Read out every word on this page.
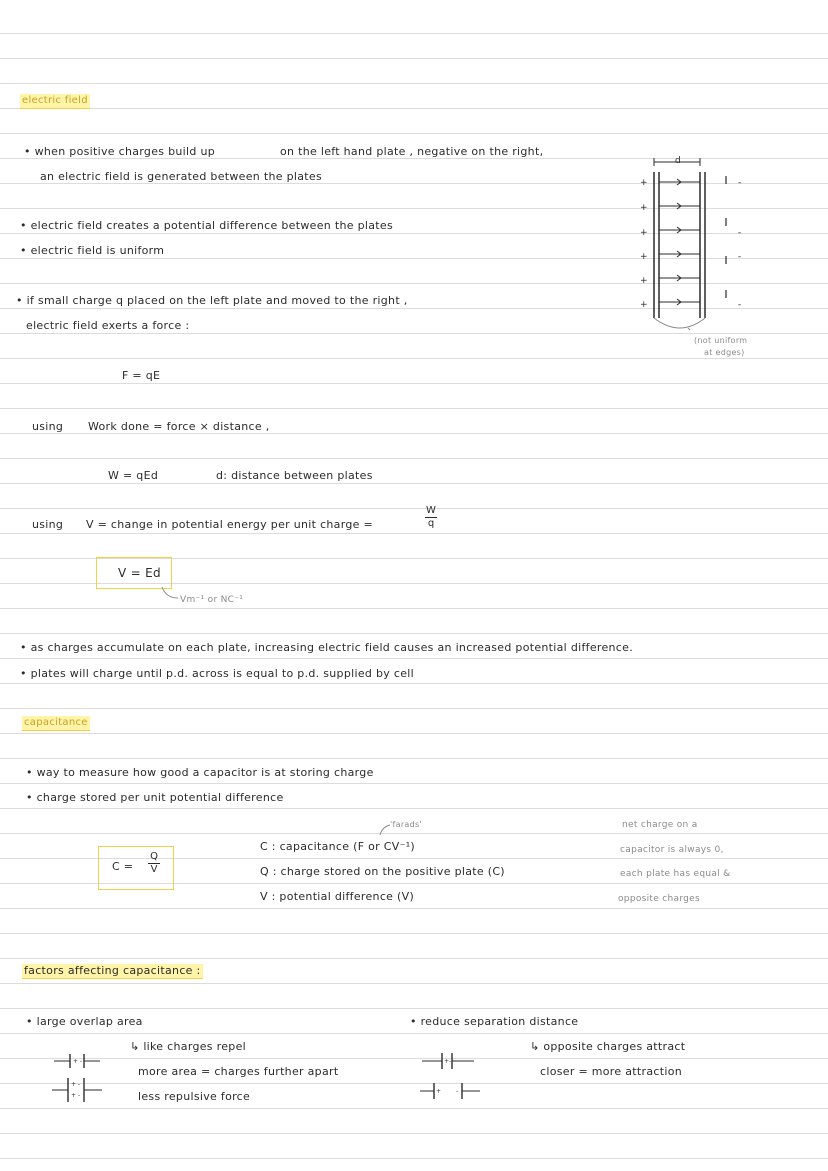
electric field
• when positive charges build up	on the left hand plate , negative on the right,
an electric field is generated between the plates
• electric field creates a potential difference between the plates
• electric field is uniform
• if small charge q placed on the left plate and moved to the right ,
electric field exerts a force :
F = qE
using Work done = force × distance ,
W = qEd	d: distance between plates
using V = change in potential energy per unit charge =
W
q
V = Ed
Vm⁻¹ or NC⁻¹
• as charges accumulate on each plate, increasing electric field causes an increased potential difference.
• plates will charge until p.d. across is equal to p.d. supplied by cell
d
+
+
+
+
+
+
-
-
-
-
(not uniform
at edges)
capacitance
• way to measure how good a capacitor is at storing charge
• charge stored per unit potential difference
C =
Q
V
'farads'
C : capacitance (F or CV⁻¹)
Q : charge stored on the positive plate (C)
V : potential difference (V)
net charge on a
capacitor is always 0,
each plate has equal &
opposite charges
factors affecting capacitance :
• large overlap area
↳ like charges repel
more area = charges further apart
less repulsive force
+ -
+ -
+ -
• reduce separation distance
↳ opposite charges attract
closer = more attraction
+-
+ -
